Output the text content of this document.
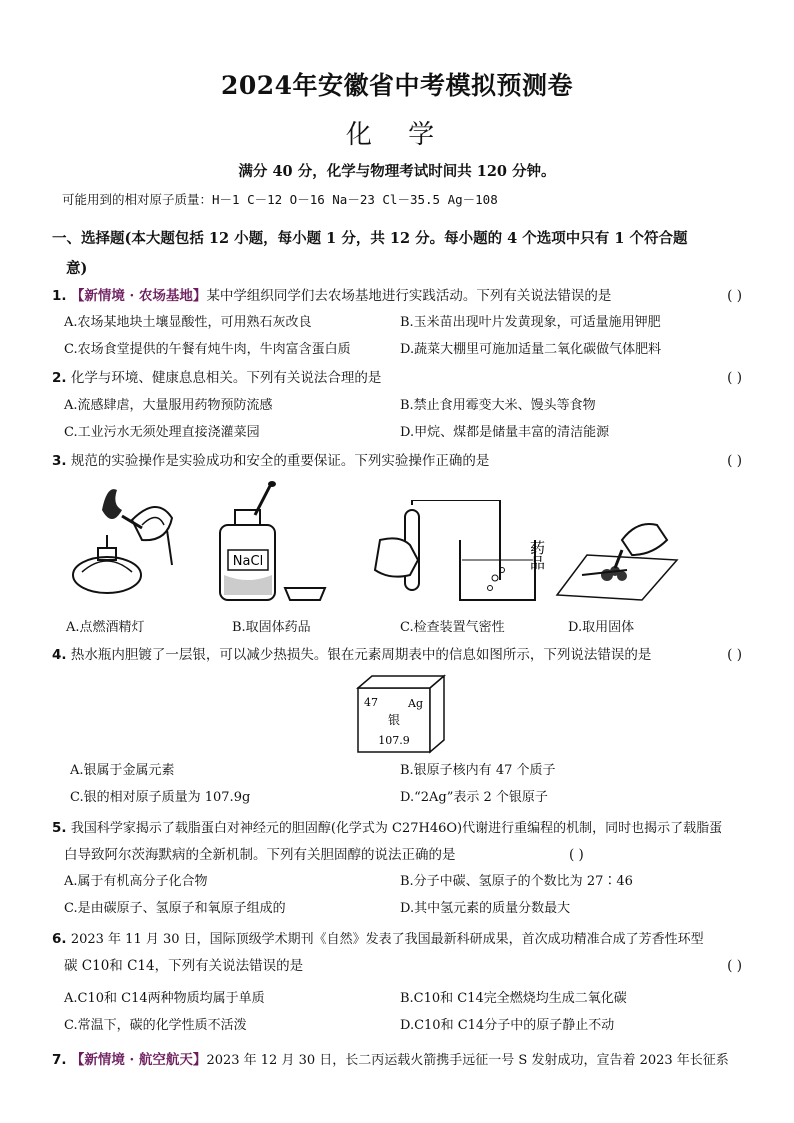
2024年安徽省中考模拟预测卷
化 学
满分 40 分，化学与物理考试时间共 120 分钟。
可能用到的相对原子质量：H－1 C－12 O－16 Na－23 Cl－35.5 Ag－108
一、选择题(本大题包括 12 小题，每小题 1 分，共 12 分。每小题的 4 个选项中只有 1 个符合题
意)
1. 【新情境 · 农场基地】某中学组织同学们去农场基地进行实践活动。下列有关说法错误的是	( )
A.农场某地块土壤显酸性，可用熟石灰改良	B.玉米苗出现叶片发黄现象，可适量施用钾肥
C.农场食堂提供的午餐有炖牛肉，牛肉富含蛋白质	D.蔬菜大棚里可施加适量二氧化碳做气体肥料
2. 化学与环境、健康息息相关。下列有关说法合理的是	( )
A.流感肆虐，大量服用药物预防流感	B.禁止食用霉变大米、馒头等食物
C.工业污水无须处理直接浇灌菜园	D.甲烷、煤都是储量丰富的清洁能源
3. 规范的实验操作是实验成功和安全的重要保证。下列实验操作正确的是	( )
NaCl	药品
A.点燃酒精灯	B.取固体药品	C.检查装置气密性	D.取用固体
4. 热水瓶内胆镀了一层银，可以减少热损失。银在元素周期表中的信息如图所示，下列说法错误的是	( )
47	Ag
银
107.9
A.银属于金属元素	B.银原子核内有 47 个质子
C.银的相对原子质量为 107.9g	D.“2Ag”表示 2 个银原子
5. 我国科学家揭示了载脂蛋白对神经元的胆固醇(化学式为 C27H46O)代谢进行重编程的机制，同时也揭示了载脂蛋
白导致阿尔茨海默病的全新机制。下列有关胆固醇的说法正确的是	( )
A.属于有机高分子化合物	B.分子中碳、氢原子的个数比为 27∶46
C.是由碳原子、氢原子和氧原子组成的	D.其中氢元素的质量分数最大
6. 2023 年 11 月 30 日，国际顶级学术期刊《自然》发表了我国最新科研成果，首次成功精准合成了芳香性环型
碳 C10和 C14，下列有关说法错误的是	( )
A.C10和 C14两种物质均属于单质	B.C10和 C14完全燃烧均生成二氧化碳
C.常温下，碳的化学性质不活泼	D.C10和 C14分子中的原子静止不动
7. 【新情境 · 航空航天】2023 年 12 月 30 日，长二丙运载火箭携手远征一号 S 发射成功，宣告着 2023 年长征系
